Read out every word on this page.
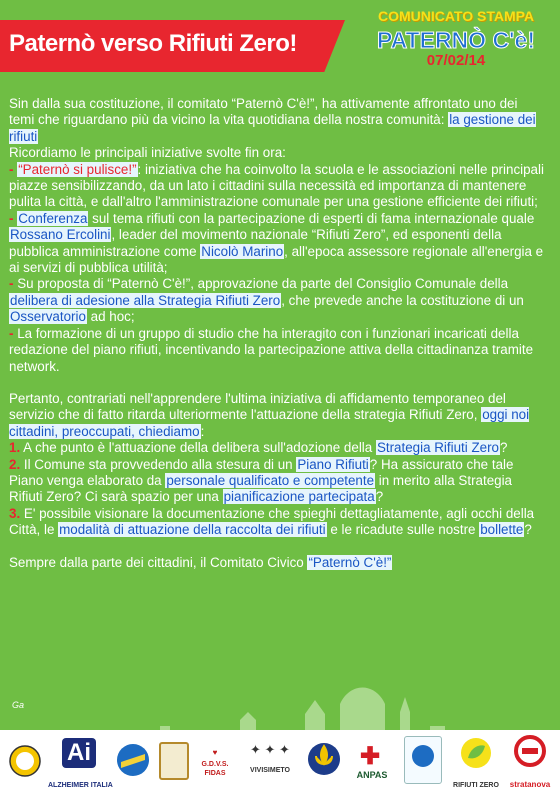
Paternò verso Rifiuti Zero!
COMUNICATO STAMPA
PATERNÒ C'è!
07/02/14

Sin dalla sua costituzione, il comitato “Paternò C'è!”, ha attivamente affrontato uno dei temi che riguardano più da vicino la vita quotidiana della nostra comunità: la gestione dei rifiuti

Ricordiamo le principali iniziative svolte fin ora:

- “Paternò si pulisce!”: iniziativa che ha coinvolto la scuola e le associazioni nelle principali piazze sensibilizzando, da un lato i cittadini sulla necessità ed importanza di mantenere pulita la città, e dall'altro l'amministrazione comunale per una gestione efficiente dei rifiuti;

- Conferenza sul tema rifiuti con la partecipazione di esperti di fama internazionale quale Rossano Ercolini, leader del movimento nazionale “Rifiuti Zero”, ed esponenti della pubblica amministrazione come Nicolò Marino, all'epoca assessore regionale all'energia e ai servizi di pubblica utilità;

- Su proposta di “Paternò C'è!”, approvazione da parte del Consiglio Comunale della delibera di adesione alla Strategia Rifiuti Zero, che prevede anche la costituzione di un Osservatorio ad hoc;

- La formazione di un gruppo di studio che ha interagito con i funzionari incaricati della redazione del piano rifiuti, incentivando la partecipazione attiva della cittadinanza tramite network.

Pertanto, contrariati nell'apprendere l'ultima iniziativa di affidamento temporaneo del servizio che di fatto ritarda ulteriormente l'attuazione della strategia Rifiuti Zero, oggi noi cittadini, preoccupati, chiediamo:

1. A che punto è l'attuazione della delibera sull'adozione della Strategia Rifiuti Zero?

2. Il Comune sta provvedendo alla stesura di un Piano Rifiuti? Ha assicurato che tale Piano venga elaborato da personale qualificato e competente in merito alla Strategia Rifiuti Zero? Ci sarà spazio per una pianificazione partecipata?

3. E' possibile visionare la documentazione che spieghi dettagliatamente, agli occhi della Città, le modalità di attuazione della raccolta dei rifiuti e le ricadute sulle nostre bollette?

Sempre dalla parte dei cittadini, il Comitato Civico “Paternò C'è!”

Ga
Ai
ALZHEIMER ITALIA
♥
G.D.V.S. FIDAS
✦ ✦ ✦
VIVISIMETO
✚
ANPAS
RIFIUTI ZERO	stratanova
